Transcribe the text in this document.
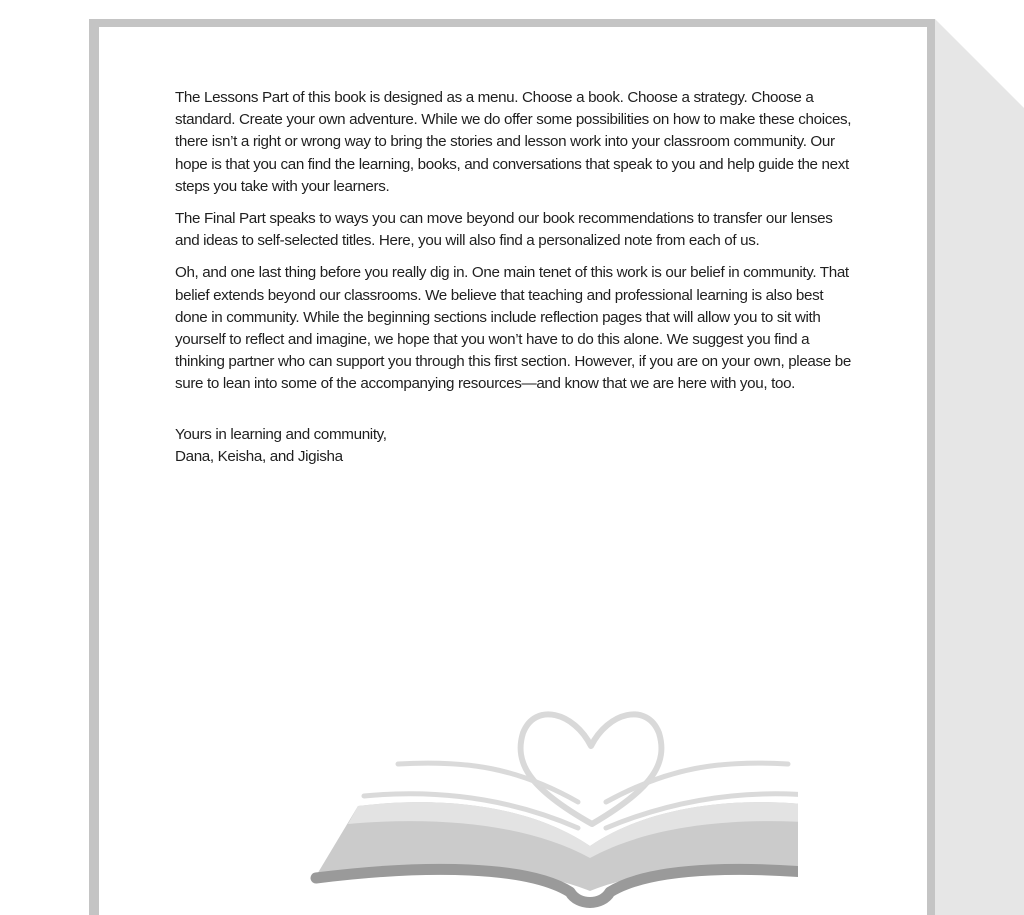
The Lessons Part of this book is designed as a menu. Choose a book. Choose a strategy. Choose a standard. Create your own adventure. While we do offer some possibilities on how to make these choices, there isn’t a right or wrong way to bring the stories and lesson work into your classroom community. Our hope is that you can find the learning, books, and conversations that speak to you and help guide the next steps you take with your learners.

The Final Part speaks to ways you can move beyond our book recommendations to transfer our lenses and ideas to self-selected titles. Here, you will also find a personalized note from each of us.

Oh, and one last thing before you really dig in. One main tenet of this work is our belief in community. That belief extends beyond our classrooms. We believe that teaching and professional learning is also best done in community. While the beginning sections include reflection pages that will allow you to sit with yourself to reflect and imagine, we hope that you won’t have to do this alone. We suggest you find a thinking partner who can support you through this first section. However, if you are on your own, please be sure to lean into some of the accompanying resources—and know that we are here with you, too.

Yours in learning and community,
Dana, Keisha, and Jigisha
